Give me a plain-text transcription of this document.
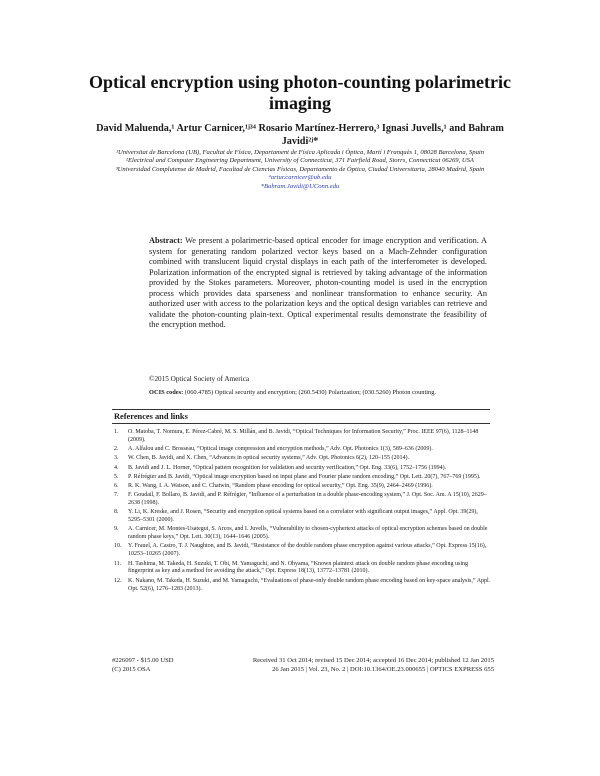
Optical encryption using photon-counting polarimetric imaging
David Maluenda,¹ Artur Carnicer,¹ʲ³⁴ Rosario Martínez-Herrero,³ Ignasi Juvells,¹ and Bahram Javidi²ʲ*
¹Universitat de Barcelona (UB), Facultat de Física, Departament de Física Aplicada i Òptica, Martí i Franquès 1, 08028 Barcelona, Spain
²Electrical and Computer Engineering Department, University of Connecticut, 371 Fairfield Road, Storrs, Connecticut 06269, USA
³Universidad Complutense de Madrid, Facultad de Ciencias Físicas, Departamento de Óptica, Ciudad Universitaria, 28040 Madrid, Spain
⁴artur.carnicer@ub.edu
*Bahram.Javidi@UConn.edu
Abstract: We present a polarimetric-based optical encoder for image encryption and verification. A system for generating random polarized vector keys based on a Mach-Zehnder configuration combined with translucent liquid crystal displays in each path of the interferometer is developed. Polarization information of the encrypted signal is retrieved by taking advantage of the information provided by the Stokes parameters. Moreover, photon-counting model is used in the encryption process which provides data sparseness and nonlinear transformation to enhance security. An authorized user with access to the polarization keys and the optical design variables can retrieve and validate the photon-counting plain-text. Optical experimental results demonstrate the feasibility of the encryption method.
©2015 Optical Society of America
OCIS codes: (060.4785) Optical security and encryption; (260.5430) Polarization; (030.5260) Photon counting.
References and links
1.	O. Matoba, T. Nomura, E. Pérez-Cabré, M. S. Millán, and B. Javidi, “Optical Techniques for Information Security,” Proc. IEEE 97(6), 1128–1148 (2009).
2.	A. Alfalou and C. Brosseau, “Optical image compression and encryption methods,” Adv. Opt. Photonics 1(3), 589–636 (2009).
3.	W. Chen, B. Javidi, and X. Chen, “Advances in optical security systems,” Adv. Opt. Photonics 6(2), 120–155 (2014).
4.	B. Javidi and J. L. Horner, “Optical pattern recognition for validation and security verification,” Opt. Eng. 33(6), 1752–1756 (1994).
5.	P. Réfrégier and B. Javidi, “Optical image encryption based on input plane and Fourier plane random encoding,” Opt. Lett. 20(7), 767–769 (1995).
6.	R. K. Wang, I. A. Watson, and C. Chatwin, “Random phase encoding for optical security,” Opt. Eng. 35(9), 2464–2469 (1996).
7.	F. Goudail, F. Bollaro, B. Javidi, and P. Réfrégier, “Influence of a perturbation in a double phase-encoding system,” J. Opt. Soc. Am. A 15(10), 2629–2638 (1998).
8.	Y. Li, K. Kreske, and J. Rosen, “Security and encryption optical systems based on a correlator with significant output images,” Appl. Opt. 39(29), 5295–5301 (2000).
9.	A. Carnicer, M. Montes-Usategui, S. Arcos, and I. Juvells, “Vulnerability to chosen-cyphertext attacks of optical encryption schemes based on double random phase keys,” Opt. Lett. 30(13), 1644–1646 (2005).
10.	Y. Frauel, A. Castro, T. J. Naughton, and B. Javidi, “Resistance of the double random phase encryption against various attacks,” Opt. Express 15(16), 10253–10265 (2007).
11.	H. Tashima, M. Takeda, H. Suzuki, T. Obi, M. Yamaguchi, and N. Ohyama, “Known plaintext attack on double random phase encoding using fingerprint as key and a method for avoiding the attack,” Opt. Express 18(13), 13772–13781 (2010).
12.	K. Nakano, M. Takeda, H. Suzuki, and M. Yamaguchi, “Evaluations of phase-only double random phase encoding based on key-space analysis,” Appl. Opt. 52(6), 1276–1283 (2013).
#226097 - $15.00 USD	Received 31 Oct 2014; revised 15 Dec 2014; accepted 16 Dec 2014; published 12 Jan 2015
(C) 2015 OSA	26 Jan 2015 | Vol. 23, No. 2 | DOI:10.1364/OE.23.000655 | OPTICS EXPRESS 655
